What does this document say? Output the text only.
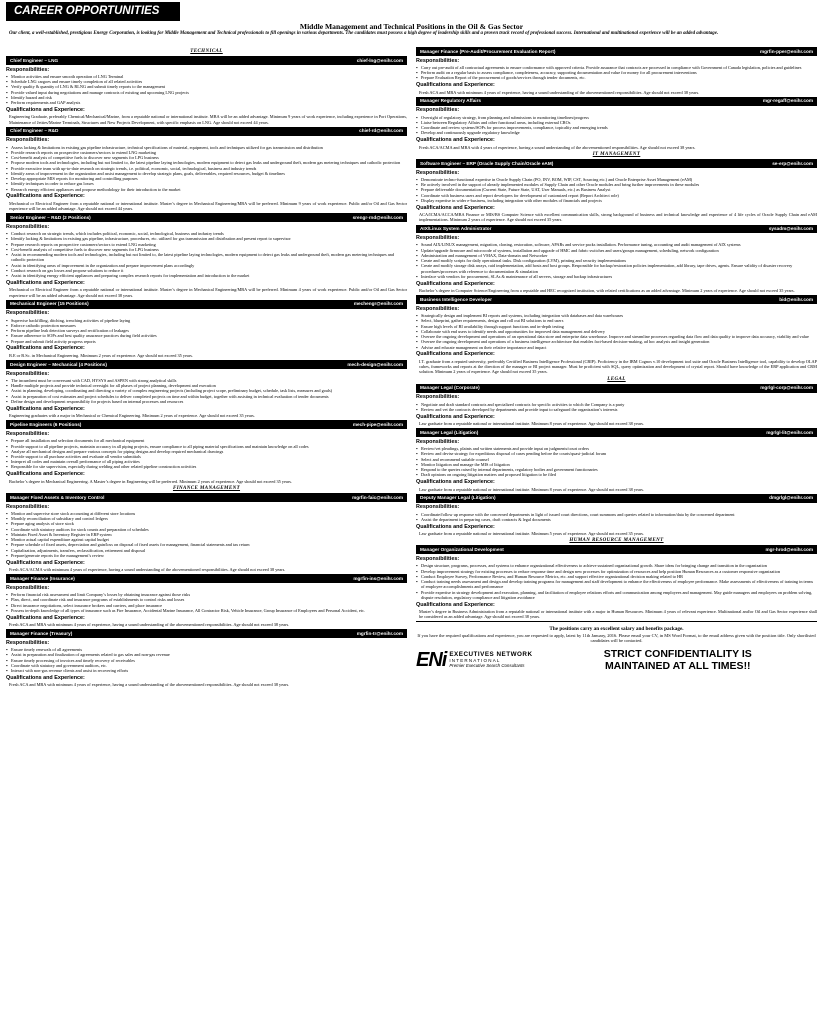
CAREER OPPORTUNITIES
Middle Management and Technical Positions in the Oil & Gas Sector
Our client, a well-established, prestigious Energy Corporation, is looking for Middle Management and Technical professionals to fill openings in various departments. The candidates must possess a high degree of leadership skills and a proven track record of professional success. International and multinational experience will be an added advantage.
TECHNICAL
Chief Engineer – LNG	chief-lng@enihr.com
Responsibilities:
▪ Monitor activities and ensure smooth operation of LNG Terminal
▪ Schedule LNG cargoes and ensure timely completion of all related activities
▪ Verify quality & quantity of LNG & RLNG and submit timely reports to the management
▪ Provide valued input during negotiations and manage contracts of existing and upcoming LNG projects
▪ Identify hazard and risk
▪ Perform requirements and GAP analysis
Qualifications and Experience:
Engineering Graduate, preferably Chemical/Mechanical/Marine, from a reputable national or international institute. MBA will be an added advantage. Minimum 9 years of work experience, including experience in Port Operations, Maintenance of Jetties/Marine Terminals, Structures and New Projects Development, with specific emphasis on LNG. Age should not exceed 44 years.
Chief Engineer – R&D	chief-rd@enihr.com
Responsibilities:
▪ Assess lacking & limitations in existing gas pipeline infrastructure, technical specifications of material, equipment, tools and techniques utilized for gas transmission and distribution
▪ Provide research reports on prospective customers/sectors to extend LNG marketing
▪ Cost-benefit analysis of competitive fuels to discover new segments for LPG business
▪ Propose modern tools and technologies, including but not limited to, the latest pipeline laying technologies, modern equipment to detect gas leaks and underground theft, modern gas metering techniques and cathodic protection
▪ Provide executive team with up-to-date research on strategic trends, i.e. political, economic, social, technological, business and industry trends
▪ Identify areas of improvement in the organization and assist management to develop strategic plans, goals, deliverables, required resources, budget & timelines
▪ Develop appropriate MIS reports for monitoring and controlling purposes
▪ Identify techniques in order to reduce gas losses
▪ Research energy efficient appliances and propose methodology for their introduction to the market
Qualifications and Experience:
Mechanical or Electrical Engineer from a reputable national or international institute. Master’s degree in Mechanical Engineering/MBA will be preferred. Minimum 9 years of work experience. Public and/or Oil and Gas Sector experience will be an added advantage. Age should not exceed 44 years.
Senior Engineer – R&D (2 Positions)	srengr-rnd@enihr.com
Responsibilities:
▪ Conduct research on strategic trends, which includes political, economic, social, technological, business and industry trends
▪ Identify lacking & limitations in existing gas pipeline, infrastructure, procedures, etc. utilized for gas transmission and distribution and present report to supervisor
▪ Prepare research reports on prospective customers/sectors to extend LNG marketing
▪ Cost-benefit analysis of competitive fuels to discover new segments for LPG business
▪ Assist in recommending modern tools and technologies, including but not limited to, the latest pipeline laying technologies, modern equipment to detect gas leaks and underground theft, modern gas metering techniques and cathodic protection
▪ Assist in identifying areas of improvement in the organization and prepare improvement plans accordingly
▪ Conduct research on gas losses and propose solutions to reduce it
▪ Assist in identifying energy efficient appliances and preparing complex research reports for implementation and introduction to the market
Qualifications and Experience:
Mechanical or Electrical Engineer from a reputable national or international institute. Master’s degree in Mechanical Engineering/MBA will be preferred. Minimum 4 years of work experience. Public and/or Oil and Gas Sector experience will be an added advantage. Age should not exceed 38 years.
Mechanical Engineer (15 Positions)	mechengr@enihr.com
Responsibilities:
▪ Supervise backfilling, ditching, trenching activities of pipeline laying
▪ Enforce cathodic protection measures
▪ Perform pipeline leak detection surveys and rectification of leakages
▪ Ensure adherence to SOPs and best quality assurance practices during field activities
▪ Prepare and submit field activity progress reports
Qualifications and Experience:
B.E or B.Sc. in Mechanical Engineering. Minimum 2 years of experience. Age should not exceed 35 years.
Design Engineer – Mechanical (4 Positions)	mech-design@enihr.com
Responsibilities:
▪ The incumbent must be conversant with CAD, HYSYS and ASPEN with strong analytical skills
▪ Handle multiple projects and provide technical oversight for all phases of project planning, development and execution
▪ Assist in planning, developing, coordinating and directing a variety of complex engineering projects (including project scope, preliminary budget, schedule, task lists, measures and goals)
▪ Assist in preparation of cost estimates and project schedules to deliver completed projects on time and within budget, together with assisting in technical evaluation of tender documents
▪ Define design and development responsibility for projects based on internal processes and resources
Qualifications and Experience:
Engineering graduates with a major in Mechanical or Chemical Engineering. Minimum 2 years of experience. Age should not exceed 35 years.
Pipeline Engineers (6 Positions)	mech-pipe@enihr.com
Responsibilities:
▪ Prepare all installation and selection documents for all mechanical equipment
▪ Provide support to all pipeline projects, maintain accuracy in all piping projects, ensure compliance to all piping material specifications and maintain knowledge on all codes
▪ Analyze all mechanical designs and prepare various concepts for piping designs and develop required mechanical drawings
▪ Provide support to all purchase activities and evaluate all vendor submittals
▪ Interpret all codes and maintain overall performance of all piping activities
▪ Responsible for site supervision, especially during welding and other related pipeline construction activities
Qualifications and Experience:
Bachelor’s degree in Mechanical Engineering. A Master’s degree in Engineering will be preferred. Minimum 2 years of experience. Age should not exceed 35 years.
FINANCE MANAGEMENT
Manager Fixed Assets & Inventory Control	mgrfin-faic@enihr.com
Responsibilities:
▪ Monitor and supervise store stock accounting at different store locations
▪ Monthly reconciliation of subsidiary and control ledgers
▪ Prepare aging analysis of store stock
▪ Coordinate with statutory auditors for stock counts and preparation of schedules
▪ Maintain Fixed Asset & Inventory Register in ERP system
▪ Monitor actual capital expenditure against capital budget
▪ Prepare schedule of fixed assets, depreciation and gain/loss on disposal of fixed assets for management, financial statements and tax return
▪ Capitalization, adjustments, transfers, reclassification, retirement and disposal
▪ Prepare/generate reports for the management’s review
Qualifications and Experience:
Fresh ACA/ACMA with minimum 4 years of experience, having a sound understanding of the abovementioned responsibilities. Age should not exceed 38 years.
Manager Finance (Insurance)	mgrfin-ins@enihr.com
Responsibilities:
▪ Perform financial risk assessment and limit Company’s losses by obtaining insurance against those risks
▪ Plan, direct, and coordinate risk and insurance programs of establishments to control risks and losses
▪ Direct insurance negotiations, select insurance brokers and carriers, and place insurance
▪ Possess in-depth knowledge of all types of insurance such as Fire Insurance, Accidental Marine Insurance, All Contractor Risk, Vehicle Insurance, Group Insurance of Employees and Personal Accident, etc.
Qualifications and Experience:
Fresh ACA and MBA with minimum 4 years of experience, having a sound understanding of the abovementioned responsibilities. Age should not exceed 38 years.
Manager Finance (Treasury)	mgrfin-tr@enihr.com
Responsibilities:
▪ Ensure timely renewals of all agreements
▪ Assist in preparation and finalization of agreements related to gas sales and non-gas revenue
▪ Ensure timely processing of invoices and timely recovery of receivables
▪ Coordinate with statutory and government auditors, etc.
▪ Interact with non-gas revenue clients and assist in recovering efforts
Qualifications and Experience:
Fresh ACA and MBA with minimum 4 years of experience, having a sound understanding of the abovementioned responsibilities. Age should not exceed 38 years.
Manager Finance (Pre-Audit/Procurement Evaluation Report)	mgrfin-pper@enihr.com
Responsibilities:
▪ Carry out pre-audit of all contractual agreements to ensure conformance with approved criteria. Provide assurance that contracts are processed in compliance with Government of Canada legislation, policies and guidelines
▪ Perform audit on a regular basis to assess compliance, completeness, accuracy, supporting documentation and value for money for all procurement interventions
▪ Prepare Evaluation Report of the procurement of goods/services through tender documents, etc.
Qualifications and Experience:
Fresh ACA and MBA with minimum 4 years of experience, having a sound understanding of the abovementioned responsibilities. Age should not exceed 38 years.
Manager Regulatory Affairs	mgr-regaff@enihr.com
Responsibilities:
▪ Oversight of regulatory strategy, from planning and submissions to monitoring timelines/progress
▪ Liaise between Regulatory Affairs and other functional areas, including external CROs
▪ Coordinate and review systems/SOPs for process improvements, compliance, topicality and emerging trends
▪ Develop and continuously upgrade regulatory knowledge
Qualifications and Experience:
Fresh ACA/ACMA and MBA with 4 years of experience, having a sound understanding of the abovementioned responsibilities. Age should not exceed 38 years.
IT MANAGEMENT
Software Engineer – ERP (Oracle Supply Chain/Oracle eAM)	se-erp@enihr.com
Responsibilities:
▪ Demonstrate techno-functional expertise in Oracle Supply Chain (PO, INV, BOM, WIP, CST, Sourcing etc.) and Oracle Enterprise Asset Management (eAM)
▪ Be actively involved in the support of already implemented modules of Supply Chain and other Oracle modules and bring further improvements in these modules
▪ Prepare deliverable documentation (Current State, Future State, UAT, User Manuals, etc.) as Business Analyst
▪ Coordinate with business users and report developers for development of customized report (Report Architect role)
▪ Display expertise in wider e-business, including integration with other modules of financials and projects
Qualifications and Experience:
ACA/ICMA/ACCA/MBA Finance or MIS/BS Computer Science with excellent communication skills, strong background of business and technical knowledge and experience of 4 life cycles of Oracle Supply Chain and eAM implementations. Minimum 2 years of experience. Age should not exceed 35 years.
AIX/Linux System Administrator	sysadm@enihr.com
Responsibilities:
▪ Sound AIX/LINUX management, migration, cloning, restoration, software, APARs and service packs installation. Performance tuning, accounting and audit management of AIX systems
▪ Update/upgrade firmware and microcode of systems, installation and upgrade of HMC and fabric switches and users/groups management, scheduling, network configuration
▪ Administration and management of VMAX, Data-domain and Networker
▪ Create and modify scripts for daily operational tasks. Disk configuration (LVM), printing and security implementations
▪ Create and modify storage disk arrays, raid implementation, add hosts and host groups. Responsible for backup/restoration policies implementation, add library, tape drives, agents. Ensure validity of disaster recovery procedures/processes with reference to documentation & simulation
▪ Interface with vendors for procurement, SLAs & maintenance of all servers, storage and backup infrastructures
Qualifications and Experience:
Bachelor’s degree in Computer Science/Engineering from a reputable and HEC recognized institution, with related certifications as an added advantage. Minimum 2 years of experience. Age should not exceed 35 years.
Business Intelligence Developer	bid@enihr.com
Responsibilities:
▪ Strategically design and implement BI reports and systems, including integration with databases and data warehouses
▪ Select, blueprint, gather requirements, design and roll out BI solutions to end users
▪ Ensure high levels of BI availability through support functions and in-depth testing
▪ Collaborate with end users to identify needs and opportunities for improved data management and delivery
▪ Oversee the ongoing development and operations of an operational data store and enterprise data warehouse. Improve and streamline processes regarding data flow and data quality to improve data accuracy, viability and value
▪ Oversee the ongoing development and operations of a business intelligence architecture that enables fact-based decision-making, ad hoc analysis and insight generation
▪ Advise and educate management on their relative importance and impact
Qualifications and Experience:
I.T. graduate from a reputed university, preferably Certified Business Intelligence Professional (CBIP). Proficiency in the IBM Cognos v.10 development tool suite and Oracle Business Intelligence tool, capability to develop OLAP cubes, frameworks and reports at the direction of the manager or BI project manager. Must be proficient with SQL, query optimization and development of crystal report. Should have knowledge of the ERP application and CRM solution. Minimum 2 years of experience. Age should not exceed 35 years.
LEGAL
Manager Legal (Corporate)	mgrlgl-corp@enihr.com
Responsibilities:
▪ Negotiate and draft standard contracts and specialized contracts for specific activities to which the Company is a party
▪ Review and vet the contracts developed by departments and provide input to safeguard the organization’s interests
Qualifications and Experience:
Law graduate from a reputable national or international institute. Minimum 8 years of experience. Age should not exceed 38 years.
Manager Legal (Litigation)	mgrlgl-lit@enihr.com
Responsibilities:
▪ Review/vet pleadings, plaints and written statements and provide input on judgments/court orders
▪ Review and devise strategy for expeditious disposal of cases pending before the courts/quasi-judicial forum
▪ Select and recommend suitable counsel
▪ Monitor litigation and manage the MIS of litigation
▪ Respond to the queries raised by internal departments, regulatory bodies and government functionaries
▪ Draft opinions on ongoing litigation matters and proposed litigation to be filed
Qualifications and Experience:
Law graduate from a reputable national or international institute. Minimum 8 years of experience. Age should not exceed 38 years.
Deputy Manager Legal (Litigation)	dmgrlgl@enihr.com
Responsibilities:
▪ Coordinate/follow up response with the concerned departments in light of issued court directions, court summons and queries related to information/data by the concerned department
▪ Assist the department in preparing cases, draft contracts & legal documents
Qualifications and Experience:
Law graduate from a reputable national or international institute. Minimum 5 years of experience. Age should not exceed 35 years.
HUMAN RESOURCE MANAGEMENT
Manager Organizational Development	mgr-hrod@enihr.com
Responsibilities:
▪ Design structure, programs, processes, and systems to enhance organizational effectiveness to achieve sustained organizational growth. Share ideas for bringing change and transition in the organization
▪ Develop improvement strategy for existing processes to reduce response time and design new processes for optimization of resources and help position Human Resources as a customer responsive organization
▪ Conduct Employee Survey, Performance Review, and Human Resource Metrics, etc. and support effective organizational decision making related to HR
▪ Conduct training needs assessment and design and develop training programs for management and staff development to enhance the effectiveness of employee performance. Make assessments of effectiveness of training in terms of employee accomplishments and performance
▪ Provide expertise in strategy development and execution, planning, and facilitation of employee relations efforts and communication among employees and management. May guide managers and employees on problem solving, dispute resolution, regulatory compliance and litigation avoidance
Qualifications and Experience:
Master’s degree in Business Administration from a reputable national or international institute with a major in Human Resources. Minimum 4 years of relevant experience. Multinational and/or Oil and Gas Sector experience shall be considered as an added advantage. Age should not exceed 38 years.
The positions carry an excellent salary and benefits package.
If you have the required qualifications and experience, you are requested to apply, latest by 11th January, 2016. Please email your CV, in MS Word Format, to the email address given with the position title. Only shortlisted candidates will be contacted.
ENi EXECUTIVES NETWORK
INTERNATIONAL
Premier Executive Search Consultants
STRICT CONFIDENTIALITY IS
MAINTAINED AT ALL TIMES!!
